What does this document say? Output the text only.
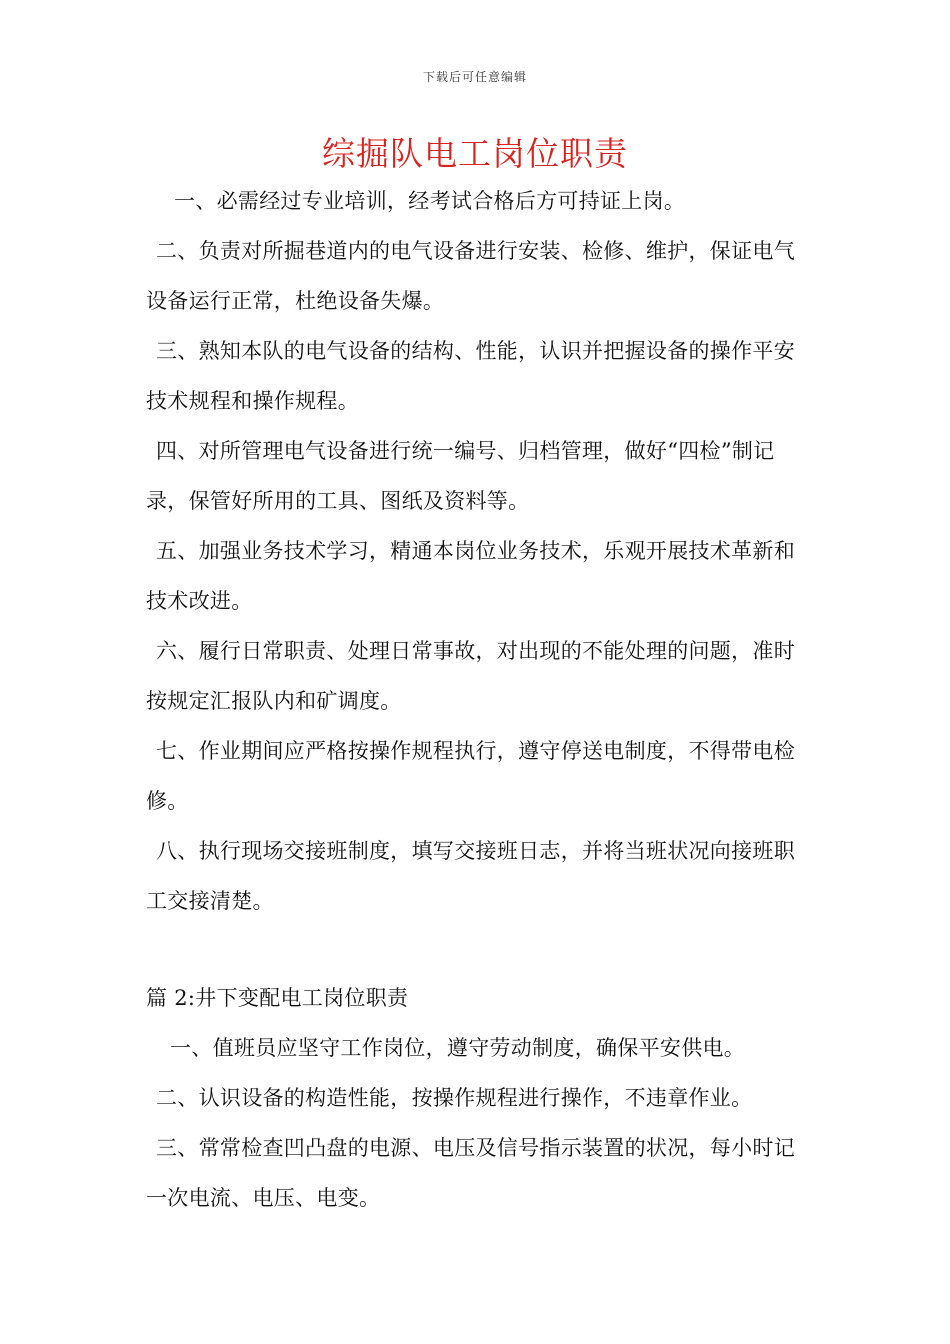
下载后可任意编辑
综掘队电工岗位职责

一、必需经过专业培训，经考试合格后方可持证上岗。

二、负责对所掘巷道内的电气设备进行安装、检修、维护，保证电气设备运行正常，杜绝设备失爆。

三、熟知本队的电气设备的结构、性能，认识并把握设备的操作平安技术规程和操作规程。

四、对所管理电气设备进行统一编号、归档管理，做好“四检”制记录，保管好所用的工具、图纸及资料等。

五、加强业务技术学习，精通本岗位业务技术，乐观开展技术革新和技术改进。

六、履行日常职责、处理日常事故，对出现的不能处理的问题，准时按规定汇报队内和矿调度。

七、作业期间应严格按操作规程执行，遵守停送电制度，不得带电检修。

八、执行现场交接班制度，填写交接班日志，并将当班状况向接班职工交接清楚。

篇 2:井下变配电工岗位职责

一、值班员应坚守工作岗位，遵守劳动制度，确保平安供电。

二、认识设备的构造性能，按操作规程进行操作，不违章作业。

三、常常检查凹凸盘的电源、电压及信号指示装置的状况，每小时记一次电流、电压、电变。
